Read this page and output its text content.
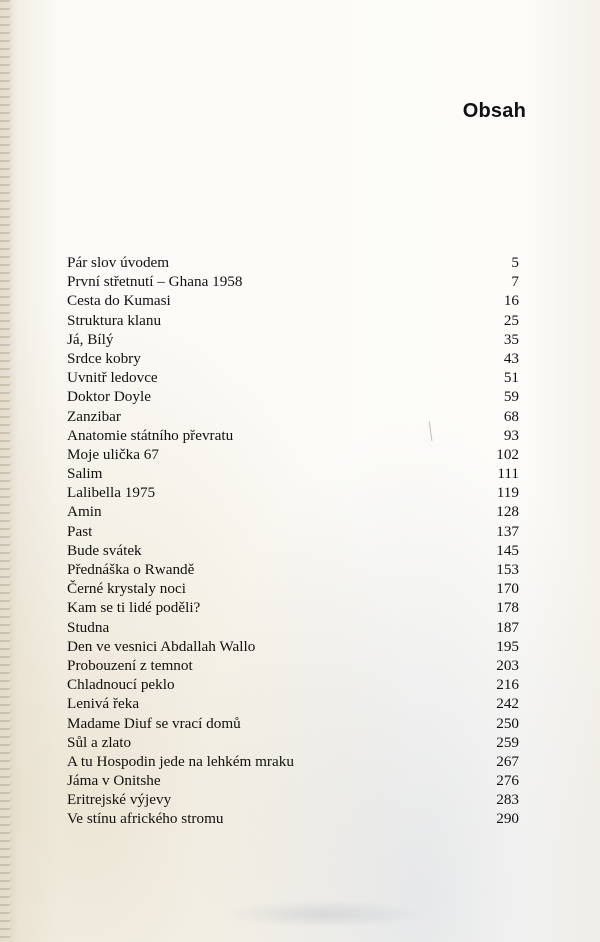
Obsah
Pár slov úvodem	5
První střetnutí – Ghana 1958	7
Cesta do Kumasi	16
Struktura klanu	25
Já, Bílý	35
Srdce kobry	43
Uvnitř ledovce	51
Doktor Doyle	59
Zanzibar	68
Anatomie státního převratu	93
Moje ulička 67	102
Salim	111
Lalibella 1975	119
Amin	128
Past	137
Bude svátek	145
Přednáška o Rwandě	153
Černé krystaly noci	170
Kam se ti lidé poděli?	178
Studna	187
Den ve vesnici Abdallah Wallo	195
Probouzení z temnot	203
Chladnoucí peklo	216
Lenivá řeka	242
Madame Diuf se vrací domů	250
Sůl a zlato	259
A tu Hospodin jede na lehkém mraku	267
Jáma v Onitshe	276
Eritrejské výjevy	283
Ve stínu afrického stromu	290
